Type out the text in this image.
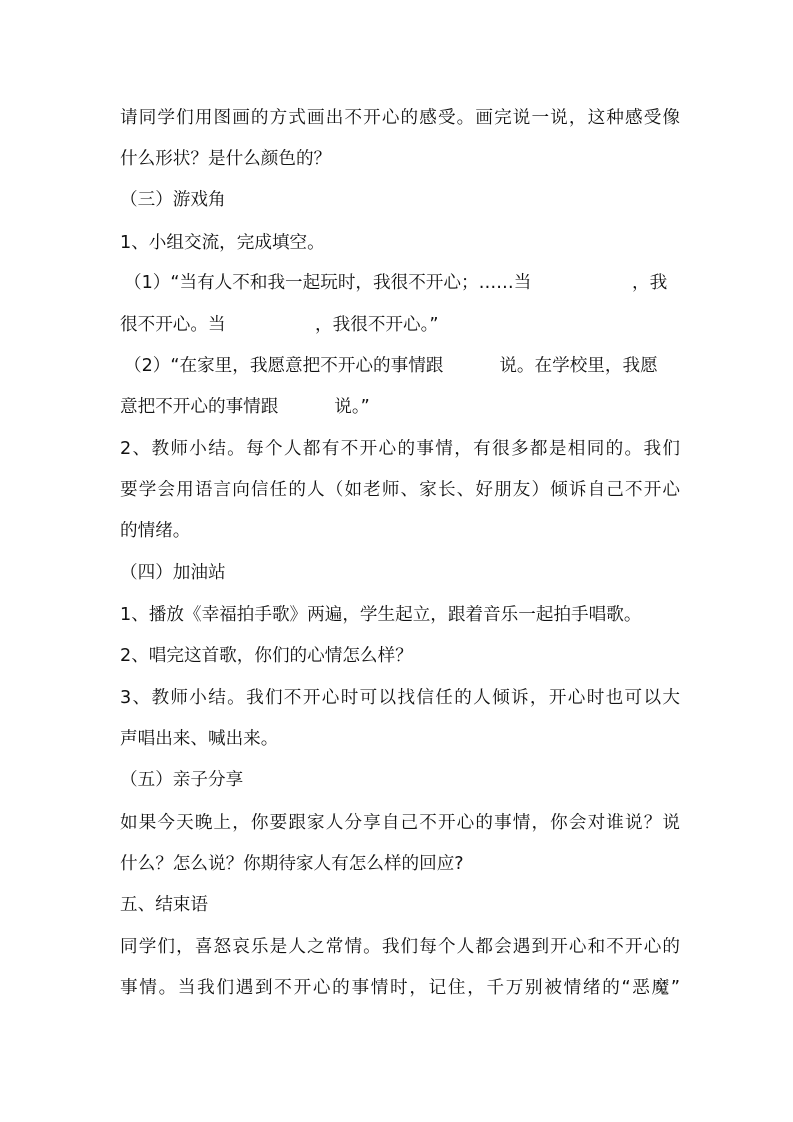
请同学们用图画的方式画出不开心的感受。画完说一说，这种感受像

什么形状？是什么颜色的？

（三）游戏角

1、小组交流，完成填空。

（1）“当有人不和我一起玩时，我很不开心；……当                  ，我

很不开心。当                ，我很不开心。”

（2）“在家里，我愿意把不开心的事情跟          说。在学校里，我愿

意把不开心的事情跟          说。”

2、教师小结。每个人都有不开心的事情，有很多都是相同的。我们

要学会用语言向信任的人（如老师、家长、好朋友）倾诉自己不开心

的情绪。

（四）加油站

1、播放《幸福拍手歌》两遍，学生起立，跟着音乐一起拍手唱歌。

2、唱完这首歌，你们的心情怎么样？

3、教师小结。我们不开心时可以找信任的人倾诉，开心时也可以大

声唱出来、喊出来。

（五）亲子分享

如果今天晚上，你要跟家人分享自己不开心的事情，你会对谁说？说

什么？怎么说？你期待家人有怎么样的回应?

五、结束语

同学们，喜怒哀乐是人之常情。我们每个人都会遇到开心和不开心的

事情。当我们遇到不开心的事情时，记住，千万别被情绪的“恶魔”
